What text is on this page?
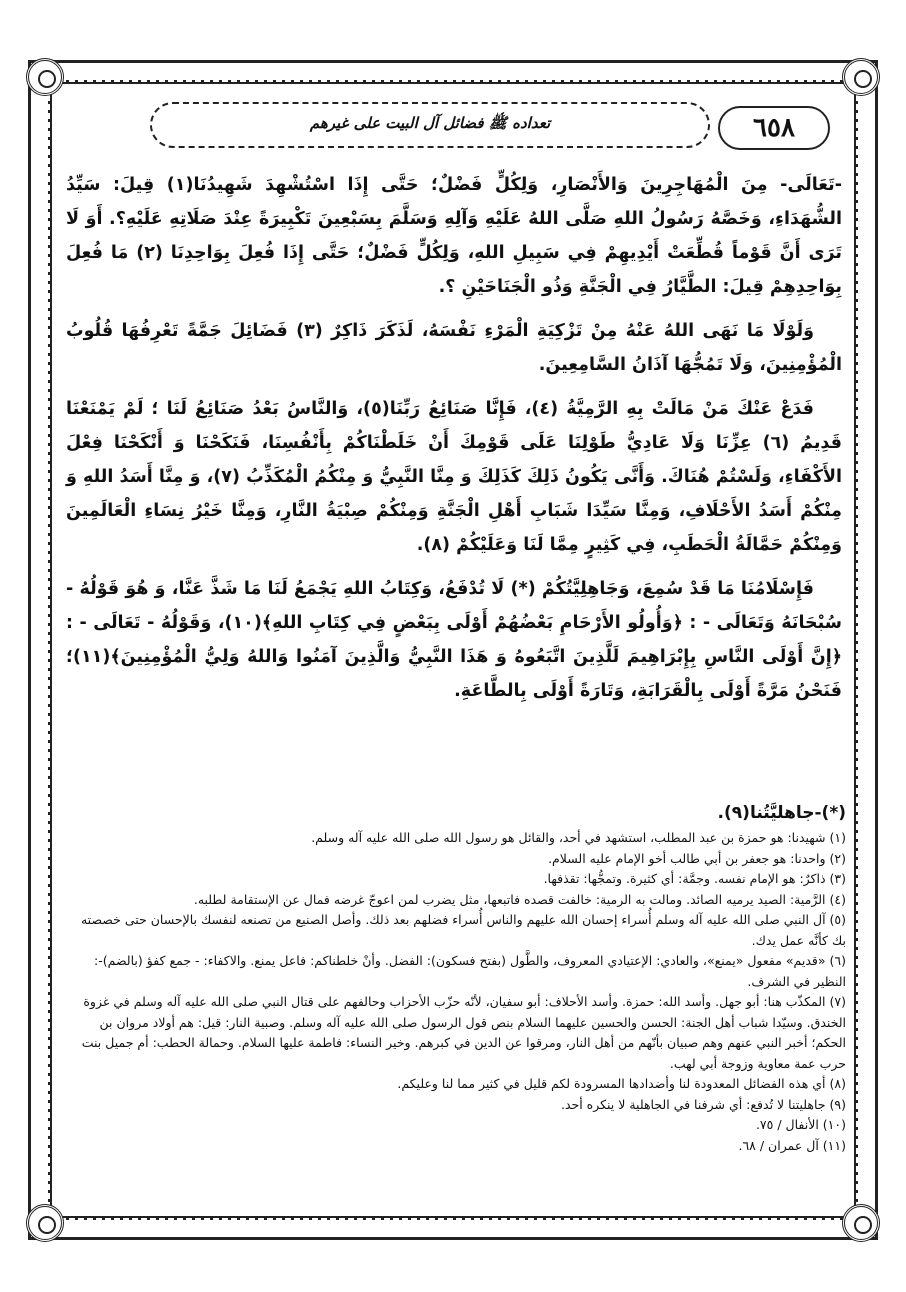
تعداده ﷺ فضائل آل البيت على غيرهم	٦٥٨

-تَعَالَى- مِنَ الْمُهَاجِرِينَ وَالأَنْصَارِ، وَلِكُلٍّ فَضْلٌ؛ حَتَّى إِذَا اسْتُشْهِدَ شَهِيدُنَا(١) قِيلَ: سَيِّدُ الشُّهَدَاءِ، وَخَصَّهُ رَسُولُ اللهِ صَلَّى اللهُ عَلَيْهِ وَآلِهِ وَسَلَّمَ بِسَبْعِينَ تَكْبِيرَةً عِنْدَ صَلَاتِهِ عَلَيْهِ؟. أَوَ لَا تَرَى أَنَّ قَوْماً قُطِّعَتْ أَيْدِيهِمْ فِي سَبِيلِ اللهِ، وَلِكُلٍّ فَضْلٌ؛ حَتَّى إِذَا فُعِلَ بِوَاحِدِنَا (٢) مَا فُعِلَ بِوَاحِدِهِمْ قِيلَ: الطَّيَّارُ فِي الْجَنَّةِ وَذُو الْجَنَاحَيْنِ ؟.

وَلَوْلَا مَا نَهَى اللهُ عَنْهُ مِنْ تَزْكِيَةِ الْمَرْءِ نَفْسَهُ، لَذَكَرَ ذَاكِرٌ (٣) فَضَائِلَ جَمَّةً تَعْرِفُهَا قُلُوبُ الْمُؤْمِنِينَ، وَلَا تَمُجُّهَا آذَانُ السَّامِعِينَ.

فَدَعْ عَنْكَ مَنْ مَالَتْ بِهِ الرَّمِيَّةُ (٤)، فَإِنَّا صَنَائِعُ رَبِّنَا(٥)، وَالنَّاسُ بَعْدُ صَنَائِعُ لَنَا ؛ لَمْ يَمْنَعْنَا قَدِيمُ (٦) عِزِّنَا وَلَا عَادِيُّ طَوْلِنَا عَلَى قَوْمِكَ أَنْ خَلَطْنَاكُمْ بِأَنْفُسِنَا، فَنَكَحْنَا وَ أَنْكَحْنَا فِعْلَ الأَكْفَاءِ، وَلَسْتُمْ هُنَاكَ. وَأَنَّى يَكُونُ ذَلِكَ كَذَلِكَ وَ مِنَّا النَّبِيُّ وَ مِنْكُمُ الْمُكَذِّبُ (٧)، وَ مِنَّا أَسَدُ اللهِ وَ مِنْكُمْ أَسَدُ الأَحْلَافِ، وَمِنَّا سَيِّدَا شَبَابِ أَهْلِ الْجَنَّةِ وَمِنْكُمْ صِبْيَةُ النَّارِ، وَمِنَّا خَيْرُ نِسَاءِ الْعَالَمِينَ وَمِنْكُمْ حَمَّالَةُ الْحَطَبِ، فِي كَثِيرٍ مِمَّا لَنَا وَعَلَيْكُمْ (٨).

فَإِسْلَامُنَا مَا قَدْ سُمِعَ، وَجَاهِلِيَّتُكُمْ (*) لَا تُدْفَعُ، وَكِتَابُ اللهِ يَجْمَعُ لَنَا مَا شَذَّ عَنَّا، وَ هُوَ قَوْلُهُ - سُبْحَانَهُ وَتَعَالَى - : ﴿وَأُولُو الأَرْحَامِ بَعْضُهُمْ أَوْلَى بِبَعْضٍ فِي كِتَابِ اللهِ﴾(١٠)، وَقَوْلُهُ - تَعَالَى - : ﴿إِنَّ أَوْلَى النَّاسِ بِإِبْرَاهِيمَ لَلَّذِينَ اتَّبَعُوهُ وَ هَذَا النَّبِيُّ وَالَّذِينَ آمَنُوا وَاللهُ وَلِيُّ الْمُؤْمِنِينَ﴾(١١)؛ فَنَحْنُ مَرَّةً أَوْلَى بِالْقَرَابَةِ، وَتَارَةً أَوْلَى بِالطَّاعَةِ.

(*)-جاهليَّتُنا(٩).

(١) شهيدنا: هو حمزة بن عبد المطلب، استشهد في أحد، والقائل هو رسول الله صلى الله عليه آله وسلم.

(٢) واحدنا: هو جعفر بن أبي طالب أخو الإمام عليه السلام.

(٣) ذاكرٌ: هو الإمام نفسه. وجمَّة: أي كثيرة. وتمجُّها: تقذفها.

(٤) الرَّمية: الصيد يرميه الصائد. ومالت به الرمية: خالفت قصده فاتبعها، مثل يضرب لمن اعوجّ غرضه فمال عن الإستقامة لطلبه.

(٥) آل النبي صلى الله عليه آله وسلم أُسراء إحسان الله عليهم والناس أُسراء فضلهم بعد ذلك. وأصل الصنيع من تصنعه لنفسك بالإحسان حتى خصصته بك كأنَّه عمل يدك.

(٦) «قديم» مفعول «يمنع»، والعادي: الإعتيادي المعروف، والطَّول (بفتح فسكون): الفضل. وأنْ خلطناكم: فاعل يمنع. والاكفاء: - جمع كفؤ (بالضم)-: النظير في الشرف.

(٧) المكذّب هنا: أبو جهل. وأسد الله: حمزة. وأسد الأحلاف: أبو سفيان، لأنّه حزّب الأحزاب وحالفهم على قتال النبي صلى الله عليه آله وسلم في غزوة الخندق. وسيّدا شباب أهل الجنة: الحسن والحسين عليهما السلام بنص قول الرسول صلى الله عليه آله وسلم. وصبية النار: قيل: هم أولاد مروان بن الحكم؛ أخبر النبي عنهم وهم صبيان بأنّهم من أهل النار، ومرقوا عن الدين في كبرهم. وخير النساء: فاطمة عليها السلام. وحمالة الحطب: أم جميل بنت حرب عمة معاوية وزوجة أبي لهب.

(٨) أي هذه الفضائل المعدودة لنا وأضدادها المسرودة لكم قليل في كثير مما لنا وعليكم.

(٩) جاهليتنا لا تُدفع: أي شرفنا في الجاهلية لا ينكره أحد.

(١٠) الأنفال / ٧٥.

(١١) آل عمران / ٦٨.
